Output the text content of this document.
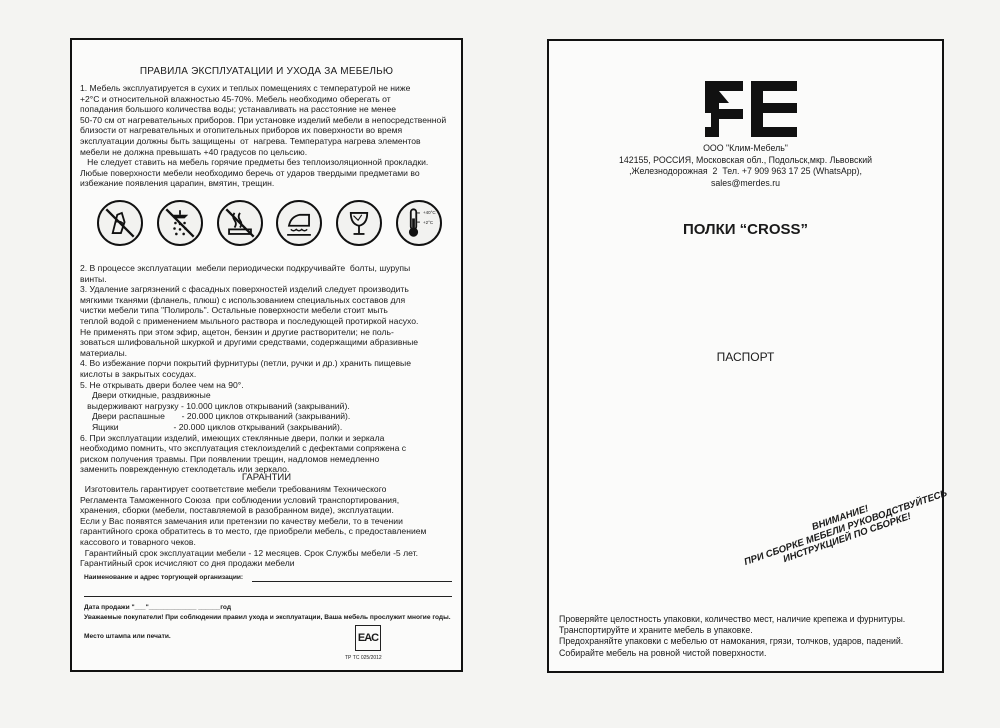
ПРАВИЛА ЭКСПЛУАТАЦИИ И УХОДА ЗА МЕБЕЛЬЮ
1. Мебель эксплуатируется в сухих и теплых помещениях с температурой не ниже
+2°С и относительной влажностью 45-70%. Мебель необходимо оберегать от
попадания большого количества воды; устанавливать на расстояние не менее
50-70 см от нагревательных приборов. При установке изделий мебели в непосредственной
близости от нагревательных и отопительных приборов их поверхности во время
эксплуатации должны быть защищены  от  нагрева. Температура нагрева элементов
мебели не должна превышать +40 градусов по цельсию.
Не следует ставить на мебель горячие предметы без теплоизоляционной прокладки.
Любые поверхности мебели необходимо беречь от ударов твердыми предметами во
избежание появления царапин, вмятин, трещин.
+40°C
+2°C
2. В процессе эксплуатации  мебели периодически подкручивайте  болты, шурупы
винты.
3. Удаление загрязнений с фасадных поверхностей изделий следует производить
мягкими тканями (фланель, плюш) с использованием специальных составов для
чистки мебели типа "Полироль". Остальные поверхности мебели стоит мыть
теплой водой с применением мыльного раствора и последующей протиркой насухо.
Не применять при этом эфир, ацетон, бензин и другие растворители; не поль-
зоваться шлифовальной шкуркой и другими средствами, содержащими абразивные
материалы.
4. Во избежание порчи покрытий фурнитуры (петли, ручки и др.) хранить пищевые
кислоты в закрытых сосудах.
5. Не открывать двери более чем на 90°.
Двери откидные, раздвижные
выдерживают нагрузку - 10.000 циклов открываний (закрываний).
Двери распашные       - 20.000 циклов открываний (закрываний).
Ящики                       - 20.000 циклов открываний (закрываний).
6. При эксплуатации изделий, имеющих стеклянные двери, полки и зеркала
необходимо помнить, что эксплуатация стеклоизделий с дефектами сопряжена с
риском получения травмы. При появлении трещин, надломов немедленно
заменить поврежденную стеклодеталь или зеркало.
ГАРАНТИИ
Изготовитель гарантирует соответствие мебели требованиям Технического
Регламента Таможенного Союза  при соблюдении условий транспортирования,
хранения, сборки (мебели, поставляемой в разобранном виде), эксплуатации.
Если у Вас появятся замечания или претензии по качеству мебели, то в течении
гарантийного срока обратитесь в то место, где приобрели мебель, с предоставлением
кассового и товарного чеков.
Гарантийный срок эксплуатации мебели - 12 месяцев. Срок Службы мебели -5 лет.
Гарантийный срок исчисляют со дня продажи мебели
Наименование и адрес торгующей организации:
Дата продажи "___"_____________ ______год
Уважаемые покупатели! При соблюдении правил ухода и эксплуатации, Ваша мебель прослужит многие годы.
Место штампа или печати.	EAC
ТР ТС 025/2012
ООО "Клим-Мебель"
142155, РОССИЯ, Московская обл., Подольск,мкр. Львовский
,Железнодорожная  2  Тел. +7 909 963 17 25 (WhatsApp),
sales@merdes.ru
ПОЛКИ “CROSS”
ПАСПОРТ
ВНИМАНИЕ!
ПРИ СБОРКЕ МЕБЕЛИ РУКОВОДСТВУЙТЕСЬ
ИНСТРУКЦИЕЙ ПО СБОРКЕ!
Проверяйте целостность упаковки, количество мест, наличие крепежа и фурнитуры.
Транспортируйте и храните мебель в упаковке.
Предохраняйте упаковки с мебелью от намокания, грязи, толчков, ударов, падений.
Собирайте мебель на ровной чистой поверхности.
